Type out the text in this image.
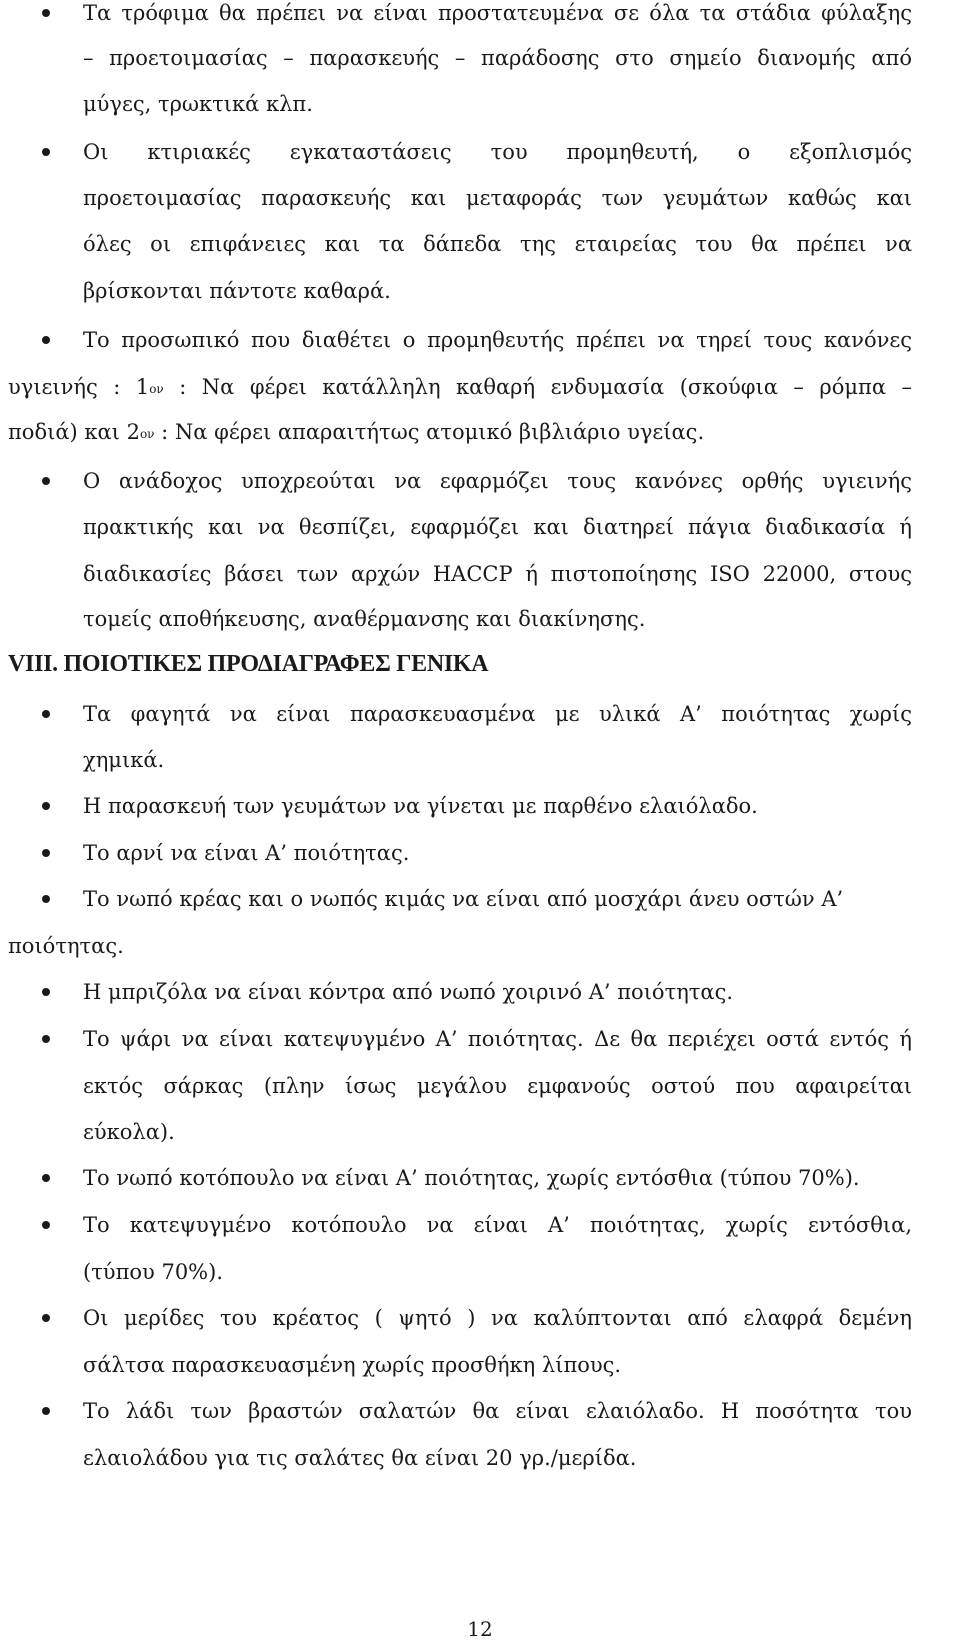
Τα τρόφιμα θα πρέπει να είναι προστατευμένα σε όλα τα στάδια φύλαξης
– προετοιμασίας – παρασκευής – παράδοσης στο σημείο διανομής από
μύγες, τρωκτικά κλπ.
Οι κτιριακές εγκαταστάσεις του προμηθευτή, ο εξοπλισμός
προετοιμασίας παρασκευής και μεταφοράς των γευμάτων καθώς και
όλες οι επιφάνειες και τα δάπεδα της εταιρείας του θα πρέπει να
βρίσκονται πάντοτε καθαρά.
Το προσωπικό που διαθέτει ο προμηθευτής πρέπει να τηρεί τους κανόνες
υγιεινής : 1ον : Να φέρει κατάλληλη καθαρή ενδυμασία (σκούφια – ρόμπα –
ποδιά) και 2ον : Να φέρει απαραιτήτως ατομικό βιβλιάριο υγείας.
Ο ανάδοχος υποχρεούται να εφαρμόζει τους κανόνες ορθής υγιεινής
πρακτικής και να θεσπίζει, εφαρμόζει και διατηρεί πάγια διαδικασία ή
διαδικασίες βάσει των αρχών HACCP ή πιστοποίησης ISO 22000, στους
τομείς αποθήκευσης, αναθέρμανσης και διακίνησης.
VIII. ΠΟΙΟΤΙΚΕΣ ΠΡΟΔΙΑΓΡΑΦΕΣ ΓΕΝΙΚΑ
Τα φαγητά να είναι παρασκευασμένα με υλικά Α’ ποιότητας χωρίς
χημικά.
Η παρασκευή των γευμάτων να γίνεται με παρθένο ελαιόλαδο.
Το αρνί να είναι Α’ ποιότητας.
Το νωπό κρέας και ο νωπός κιμάς να είναι από μοσχάρι άνευ οστών Α’
ποιότητας.
Η μπριζόλα να είναι κόντρα από νωπό χοιρινό Α’ ποιότητας.
Το ψάρι να είναι κατεψυγμένο Α’ ποιότητας. Δε θα περιέχει οστά εντός ή
εκτός σάρκας (πλην ίσως μεγάλου εμφανούς οστού που αφαιρείται
εύκολα).
Το νωπό κοτόπουλο να είναι Α’ ποιότητας, χωρίς εντόσθια (τύπου 70%).
Το κατεψυγμένο κοτόπουλο να είναι Α’ ποιότητας, χωρίς εντόσθια,
(τύπου 70%).
Οι μερίδες του κρέατος ( ψητό ) να καλύπτονται από ελαφρά δεμένη
σάλτσα παρασκευασμένη χωρίς προσθήκη λίπους.
Το λάδι των βραστών σαλατών θα είναι ελαιόλαδο. Η ποσότητα του
ελαιολάδου για τις σαλάτες θα είναι 20 γρ./μερίδα.
12
